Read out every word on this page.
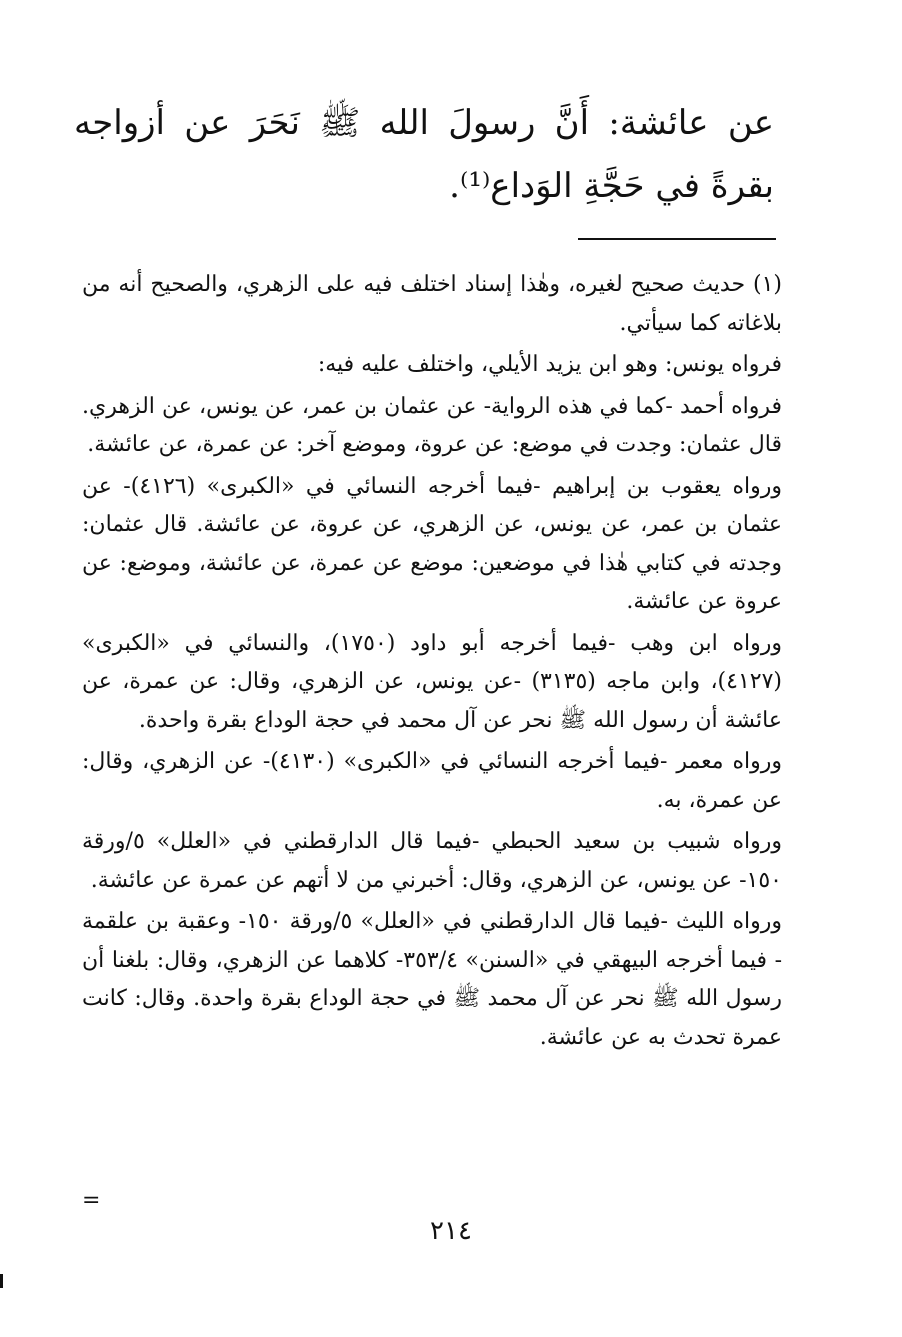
عن عائشة: أَنَّ رسولَ الله ﷺ نَحَرَ عن أزواجه بقرةً في حَجَّةِ الوَداع⁽¹⁾.

(١) حديث صحيح لغيره، وهٰذا إسناد اختلف فيه على الزهري، والصحيح أنه من بلاغاته كما سيأتي.

فرواه يونس: وهو ابن يزيد الأيلي، واختلف عليه فيه:

فرواه أحمد -كما في هذه الرواية- عن عثمان بن عمر، عن يونس، عن الزهري. قال عثمان: وجدت في موضع: عن عروة، وموضع آخر: عن عمرة، عن عائشة.

ورواه يعقوب بن إبراهيم -فيما أخرجه النسائي في «الكبرى» (٤١٢٦)- عن عثمان بن عمر، عن يونس، عن الزهري، عن عروة، عن عائشة. قال عثمان: وجدته في كتابي هٰذا في موضعين: موضع عن عمرة، عن عائشة، وموضع: عن عروة عن عائشة.

ورواه ابن وهب -فيما أخرجه أبو داود (١٧٥٠)، والنسائي في «الكبرى» (٤١٢٧)، وابن ماجه (٣١٣٥) -عن يونس، عن الزهري، وقال: عن عمرة، عن عائشة أن رسول الله ﷺ نحر عن آل محمد في حجة الوداع بقرة واحدة.

ورواه معمر -فيما أخرجه النسائي في «الكبرى» (٤١٣٠)- عن الزهري، وقال: عن عمرة، به.

ورواه شبيب بن سعيد الحبطي -فيما قال الدارقطني في «العلل» ٥/ورقة ١٥٠- عن يونس، عن الزهري، وقال: أخبرني من لا أتهم عن عمرة عن عائشة.

ورواه الليث -فيما قال الدارقطني في «العلل» ٥/ورقة ١٥٠- وعقبة بن علقمة - فيما أخرجه البيهقي في «السنن» ٣٥٣/٤- كلاهما عن الزهري، وقال: بلغنا أن رسول الله ﷺ نحر عن آل محمد ﷺ في حجة الوداع بقرة واحدة. وقال: كانت عمرة تحدث به عن عائشة.

=
٢١٤
